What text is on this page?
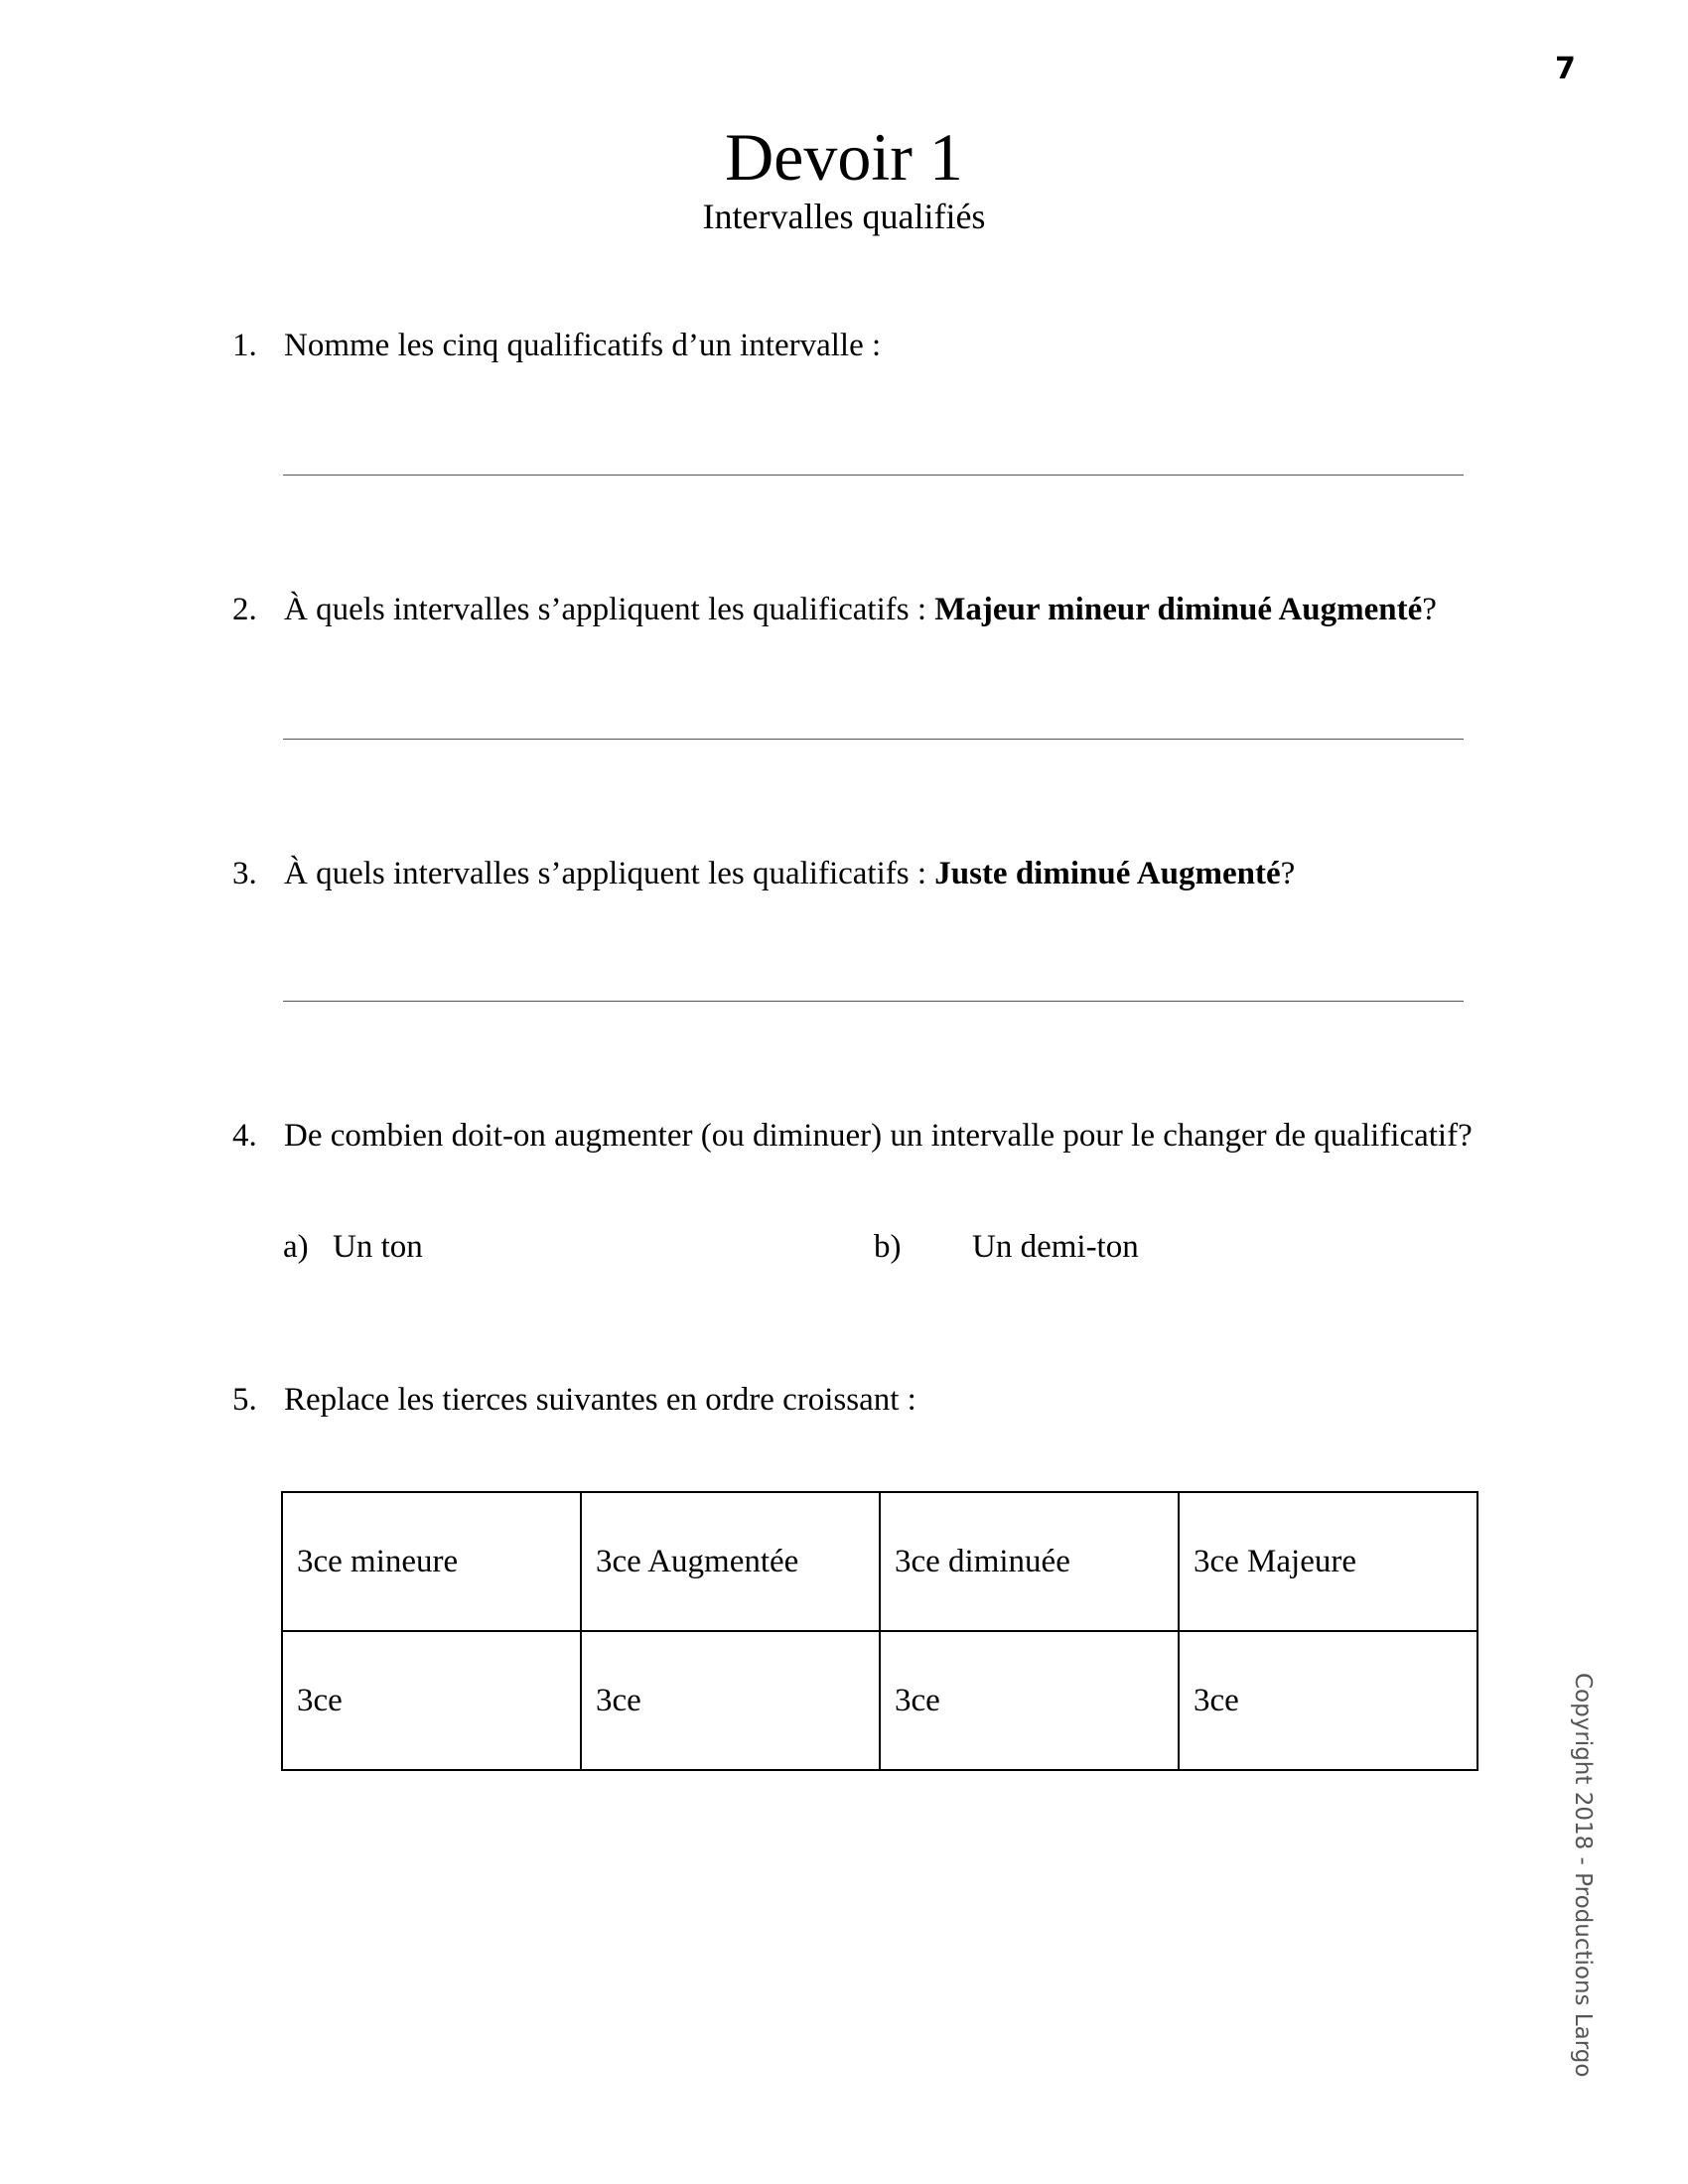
7
Devoir 1
Intervalles qualifiés
1. Nomme les cinq qualificatifs d’un intervalle :
2. À quels intervalles s’appliquent les qualificatifs : Majeur mineur diminué Augmenté?
3. À quels intervalles s’appliquent les qualificatifs : Juste diminué Augmenté?
4. De combien doit-on augmenter (ou diminuer) un intervalle pour le changer de qualificatif?
a) Un ton	b) Un demi-ton
5. Replace les tierces suivantes en ordre croissant :
3ce mineure	3ce Augmentée	3ce diminuée	3ce Majeure
3ce	3ce	3ce	3ce	Copyright 2018 - Productions Largo
